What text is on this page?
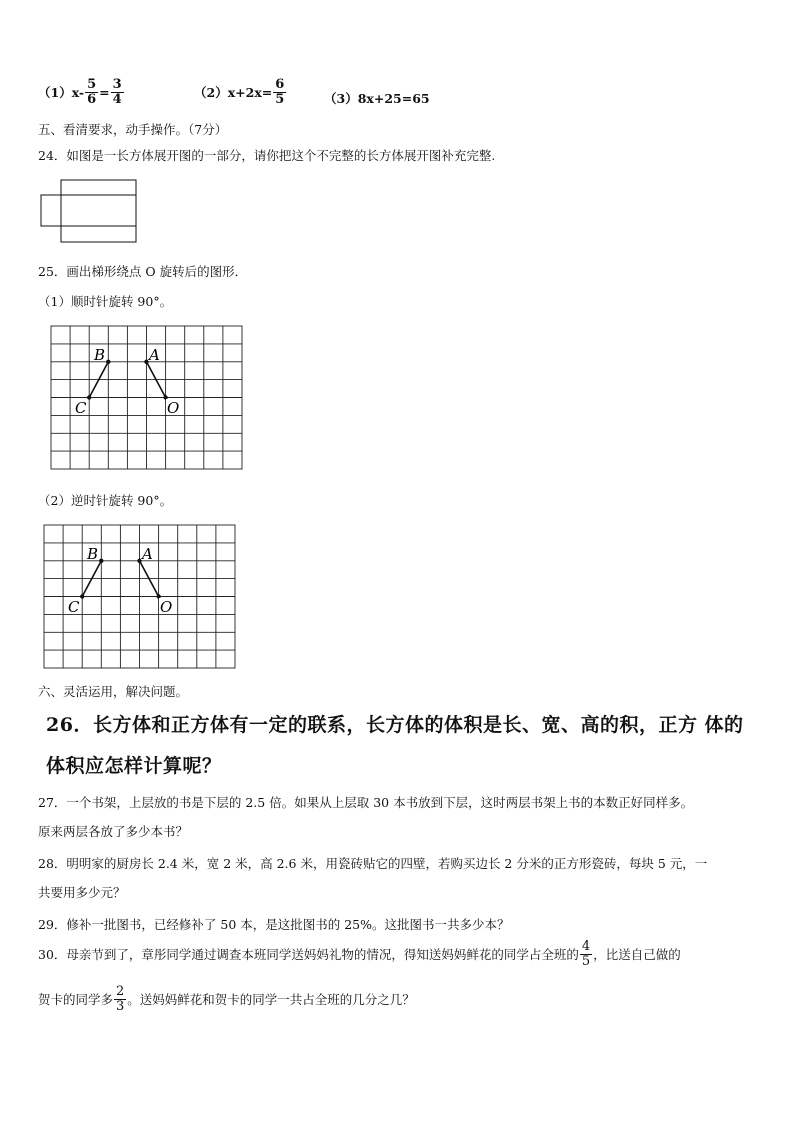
$(1)x- \frac{5}{6} = \frac{3}{4}$	$(2)x+2x= \frac{6}{5}$	（3）8x+25=65
五、看清要求，动手操作。（7分）
24．如图是一长方体展开图的一部分，请你把这个不完整的长方体展开图补充完整.
25．画出梯形绕点 O 旋转后的图形．
（1）顺时针旋转 90°。
B	A
C	O
（2）逆时针旋转 90°。
B	A
C	O
六、灵活运用，解决问题。
26．长方体和正方体有一定的联系，长方体的体积是长、宽、高的积，正方 体的
体积应怎样计算呢？
27．一个书架，上层放的书是下层的 2.5 倍。如果从上层取 30 本书放到下层，这时两层书架上书的本数正好同样多。
原来两层各放了多少本书？
28．明明家的厨房长 2.4 米，宽 2 米，高 2.6 米，用瓷砖贴它的四壁，若购买边长 2 分米的正方形瓷砖，每块 5 元，一
共要用多少元？
29．修补一批图书，已经修补了 50 本，是这批图书的 25%。这批图书一共多少本？
30．母亲节到了，章彤同学通过调查本班同学送妈妈礼物的情况，得知送妈妈鲜花的同学占全班的 $\frac{4}{5}$ ，比送自己做的
贺卡的同学多 $\frac{2}{3}$ 。送妈妈鲜花和贺卡的同学一共占全班的几分之几？
